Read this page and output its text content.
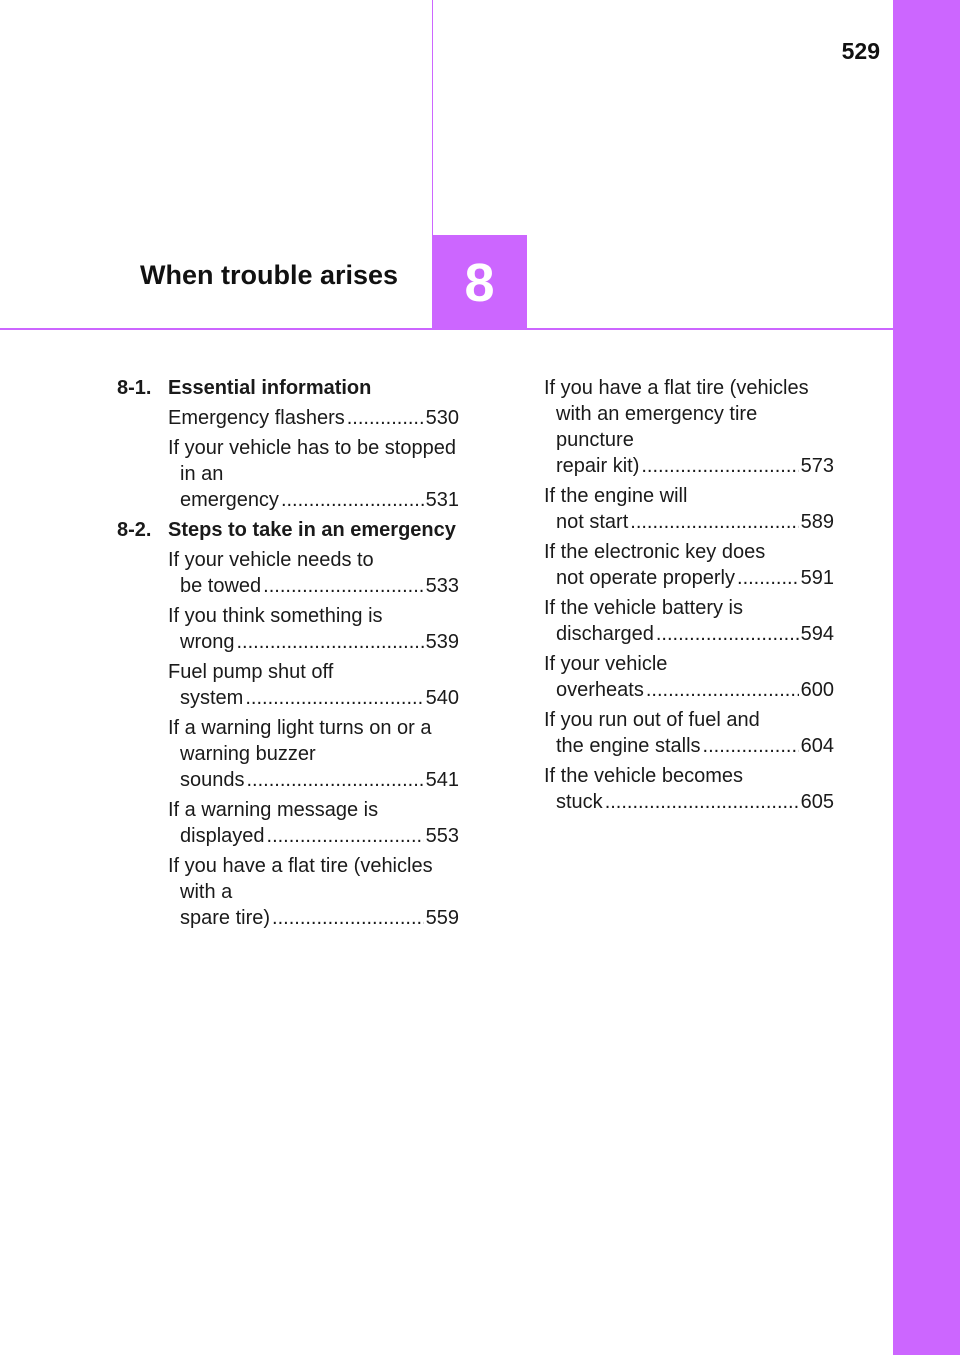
529
When trouble arises	8
8-1. Essential information
Emergency flashers .....	530
If your vehicle has to be stopped in an
emergency .....	531
8-2. Steps to take in an emergency
If your vehicle needs to
be towed .....	533
If you think something is
wrong .....	539
Fuel pump shut off
system .....	540
If a warning light turns on or a warning buzzer
sounds .....	541
If a warning message is
displayed .....	553
If you have a flat tire (vehicles with a
spare tire) .....	559
If you have a flat tire (vehicles with an emergency tire puncture
repair kit) .....	573
If the engine will
not start .....	589
If the electronic key does
not operate properly .....	591
If the vehicle battery is
discharged .....	594
If your vehicle
overheats .....	600
If you run out of fuel and
the engine stalls .....	604
If the vehicle becomes
stuck .....	605
